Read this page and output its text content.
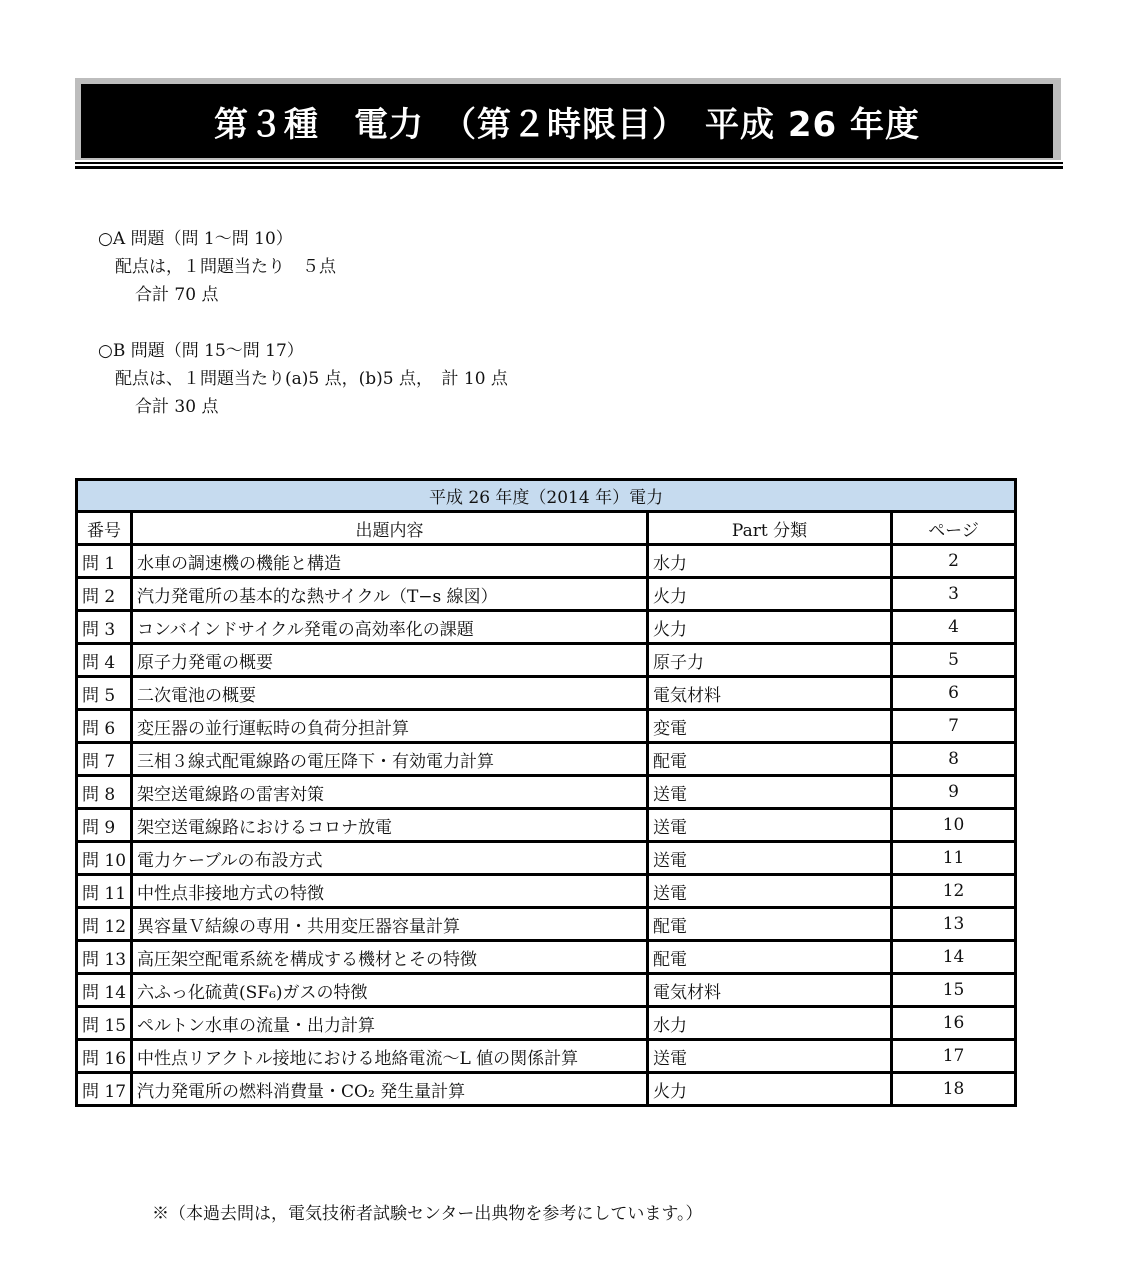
第３種　電力　（第２時限目）　平成 26 年度
○A 問題（問 1〜問 10）
配点は，１問題当たり　５点
合計 70 点
○B 問題（問 15〜問 17）
配点は、１問題当たり(a)5 点，(b)5 点，　計 10 点
合計 30 点
平成 26 年度（2014 年）電力			
番号	出題内容	Part 分類	ページ
問 1	水車の調速機の機能と構造	水力	2
問 2	汽力発電所の基本的な熱サイクル（T−s 線図）	火力	3
問 3	コンバインドサイクル発電の高効率化の課題	火力	4
問 4	原子力発電の概要	原子力	5
問 5	二次電池の概要	電気材料	6
問 6	変圧器の並行運転時の負荷分担計算	変電	7
問 7	三相３線式配電線路の電圧降下・有効電力計算	配電	8
問 8	架空送電線路の雷害対策	送電	9
問 9	架空送電線路におけるコロナ放電	送電	10
問 10	電力ケーブルの布設方式	送電	11
問 11	中性点非接地方式の特徴	送電	12
問 12	異容量Ｖ結線の専用・共用変圧器容量計算	配電	13
問 13	高圧架空配電系統を構成する機材とその特徴	配電	14
問 14	六ふっ化硫黄(SF₆)ガスの特徴	電気材料	15
問 15	ペルトン水車の流量・出力計算	水力	16
問 16	中性点リアクトル接地における地絡電流〜L 値の関係計算	送電	17
問 17	汽力発電所の燃料消費量・CO₂ 発生量計算	火力	18
※（本過去問は，電気技術者試験センター出典物を参考にしています。）
